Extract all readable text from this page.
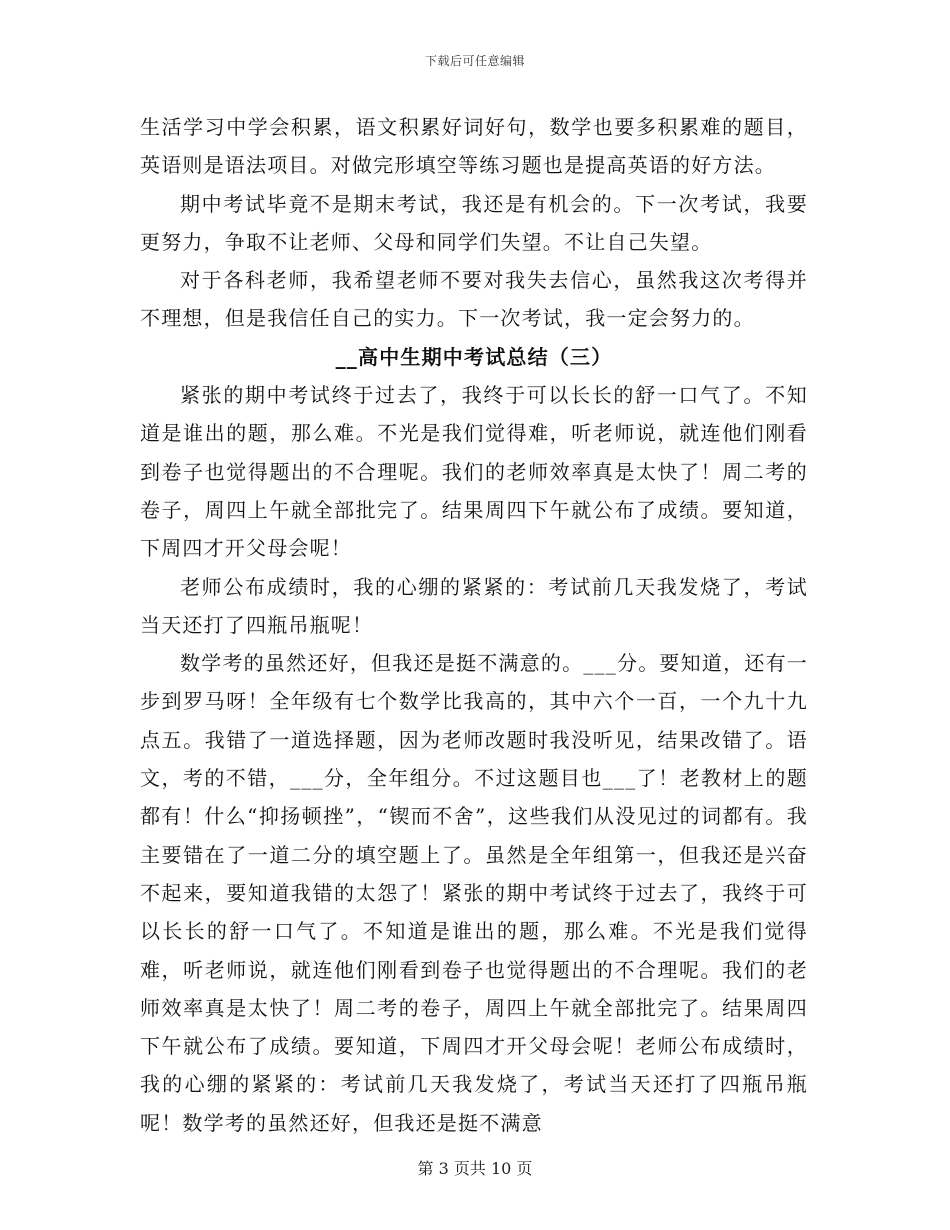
下载后可任意编辑

生活学习中学会积累，语文积累好词好句，数学也要多积累难的题目，英语则是语法项目。对做完形填空等练习题也是提高英语的好方法。

期中考试毕竟不是期末考试，我还是有机会的。下一次考试，我要更努力，争取不让老师、父母和同学们失望。不让自己失望。

对于各科老师，我希望老师不要对我失去信心，虽然我这次考得并不理想，但是我信任自己的实力。下一次考试，我一定会努力的。

__高中生期中考试总结（三）

紧张的期中考试终于过去了，我终于可以长长的舒一口气了。不知道是谁出的题，那么难。不光是我们觉得难，听老师说，就连他们刚看到卷子也觉得题出的不合理呢。我们的老师效率真是太快了！周二考的卷子，周四上午就全部批完了。结果周四下午就公布了成绩。要知道，下周四才开父母会呢！

老师公布成绩时，我的心绷的紧紧的：考试前几天我发烧了，考试当天还打了四瓶吊瓶呢！

数学考的虽然还好，但我还是挺不满意的。___分。要知道，还有一步到罗马呀！全年级有七个数学比我高的，其中六个一百，一个九十九点五。我错了一道选择题，因为老师改题时我没听见，结果改错了。语文，考的不错，___分，全年组分。不过这题目也___了！老教材上的题都有！什么“抑扬顿挫”，“锲而不舍”，这些我们从没见过的词都有。我主要错在了一道二分的填空题上了。虽然是全年组第一，但我还是兴奋不起来，要知道我错的太怨了！紧张的期中考试终于过去了，我终于可以长长的舒一口气了。不知道是谁出的题，那么难。不光是我们觉得难，听老师说，就连他们刚看到卷子也觉得题出的不合理呢。我们的老师效率真是太快了！周二考的卷子，周四上午就全部批完了。结果周四下午就公布了成绩。要知道，下周四才开父母会呢！老师公布成绩时，我的心绷的紧紧的：考试前几天我发烧了，考试当天还打了四瓶吊瓶呢！数学考的虽然还好，但我还是挺不满意

第 3 页共 10 页
